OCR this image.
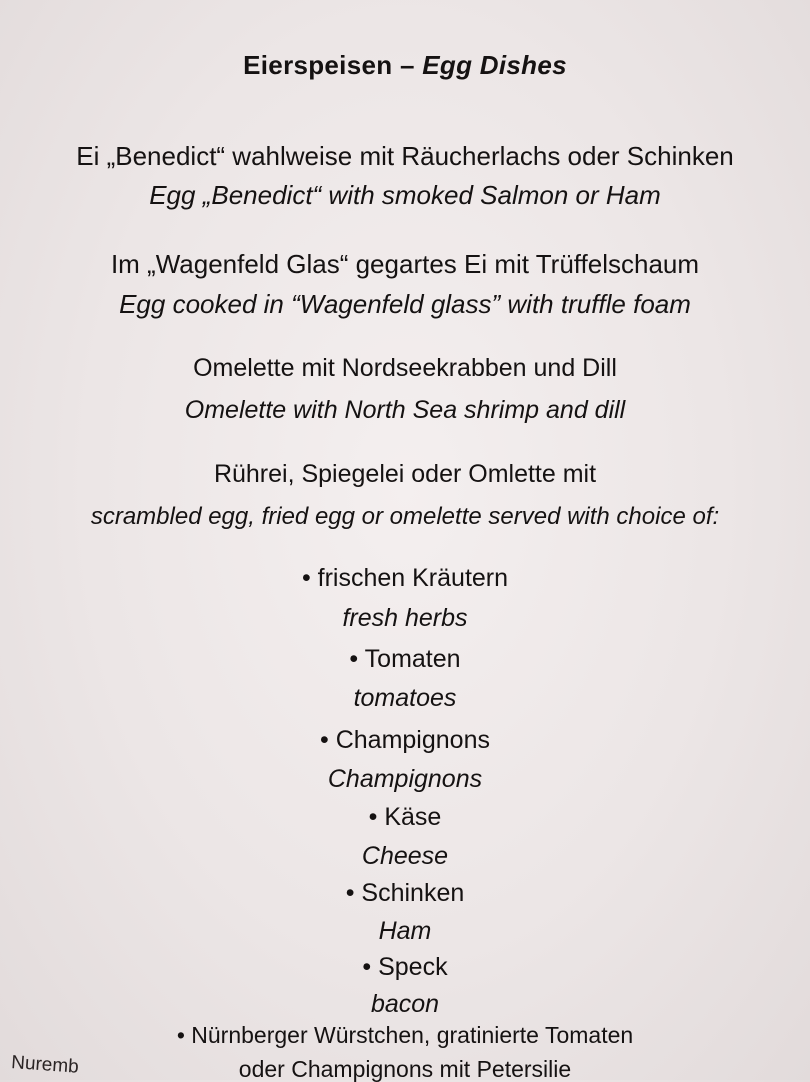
Eierspeisen – Egg Dishes
Ei „Benedict“ wahlweise mit Räucherlachs oder Schinken
Egg „Benedict“ with smoked Salmon or Ham
Im „Wagenfeld Glas“ gegartes Ei mit Trüffelschaum
Egg cooked in “Wagenfeld glass” with truffle foam
Omelette mit Nordseekrabben und Dill
Omelette with North Sea shrimp and dill
Rührei, Spiegelei oder Omlette mit
scrambled egg, fried egg or omelette served with choice of:
• frischen Kräutern
fresh herbs
• Tomaten
tomatoes
• Champignons
Champignons
• Käse
Cheese
• Schinken
Ham
• Speck
bacon
• Nürnberger Würstchen, gratinierte Tomaten
oder Champignons mit Petersilie
Nuremb
